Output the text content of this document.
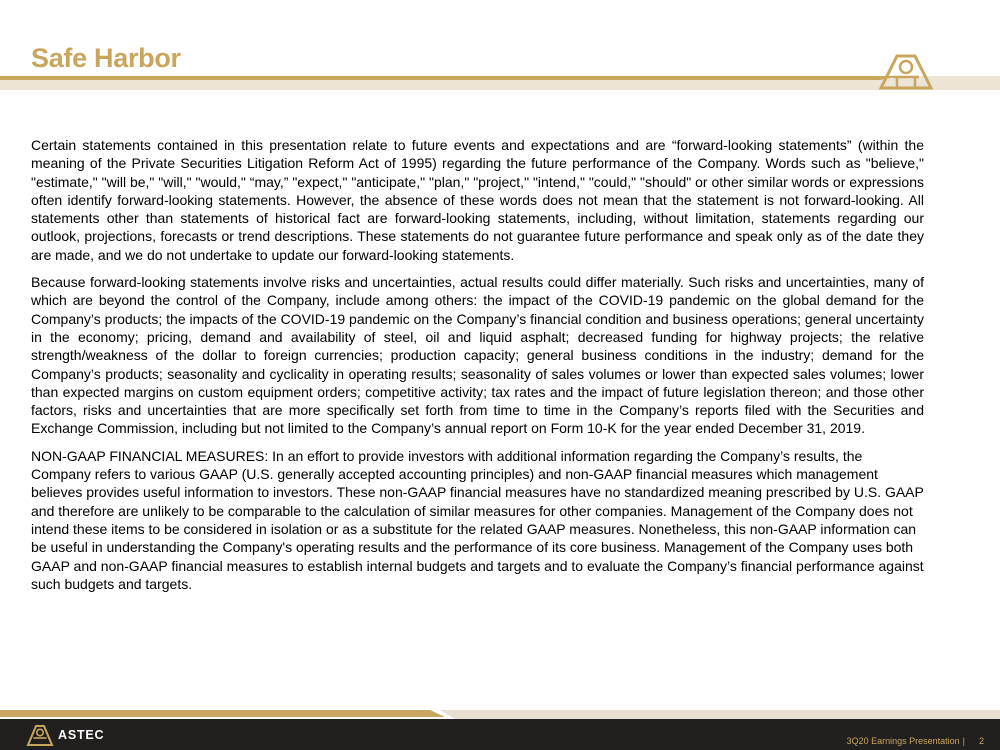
Safe Harbor

Certain statements contained in this presentation relate to future events and expectations and are “forward-looking statements” (within the meaning of the Private Securities Litigation Reform Act of 1995) regarding the future performance of the Company. Words such as "believe," "estimate," "will be," "will," "would," “may,” "expect," "anticipate," "plan," "project," "intend," "could," "should" or other similar words or expressions often identify forward-looking statements. However, the absence of these words does not mean that the statement is not forward-looking. All statements other than statements of historical fact are forward-looking statements, including, without limitation, statements regarding our outlook, projections, forecasts or trend descriptions. These statements do not guarantee future performance and speak only as of the date they are made, and we do not undertake to update our forward-looking statements.

Because forward-looking statements involve risks and uncertainties, actual results could differ materially. Such risks and uncertainties, many of which are beyond the control of the Company, include among others: the impact of the COVID-19 pandemic on the global demand for the Company’s products; the impacts of the COVID-19 pandemic on the Company’s financial condition and business operations; general uncertainty in the economy; pricing, demand and availability of steel, oil and liquid asphalt; decreased funding for highway projects; the relative strength/weakness of the dollar to foreign currencies; production capacity; general business conditions in the industry; demand for the Company’s products; seasonality and cyclicality in operating results; seasonality of sales volumes or lower than expected sales volumes; lower than expected margins on custom equipment orders; competitive activity; tax rates and the impact of future legislation thereon; and those other factors, risks and uncertainties that are more specifically set forth from time to time in the Company’s reports filed with the Securities and Exchange Commission, including but not limited to the Company’s annual report on Form 10-K for the year ended December 31, 2019.

NON-GAAP FINANCIAL MEASURES: In an effort to provide investors with additional information regarding the Company’s results, the Company refers to various GAAP (U.S. generally accepted accounting principles) and non-GAAP financial measures which management believes provides useful information to investors. These non-GAAP financial measures have no standardized meaning prescribed by U.S. GAAP and therefore are unlikely to be comparable to the calculation of similar measures for other companies. Management of the Company does not intend these items to be considered in isolation or as a substitute for the related GAAP measures. Nonetheless, this non-GAAP information can be useful in understanding the Company's operating results and the performance of its core business. Management of the Company uses both GAAP and non-GAAP financial measures to establish internal budgets and targets and to evaluate the Company’s financial performance against such budgets and targets.

ASTEC	3Q20 Earnings Presentation |	2
